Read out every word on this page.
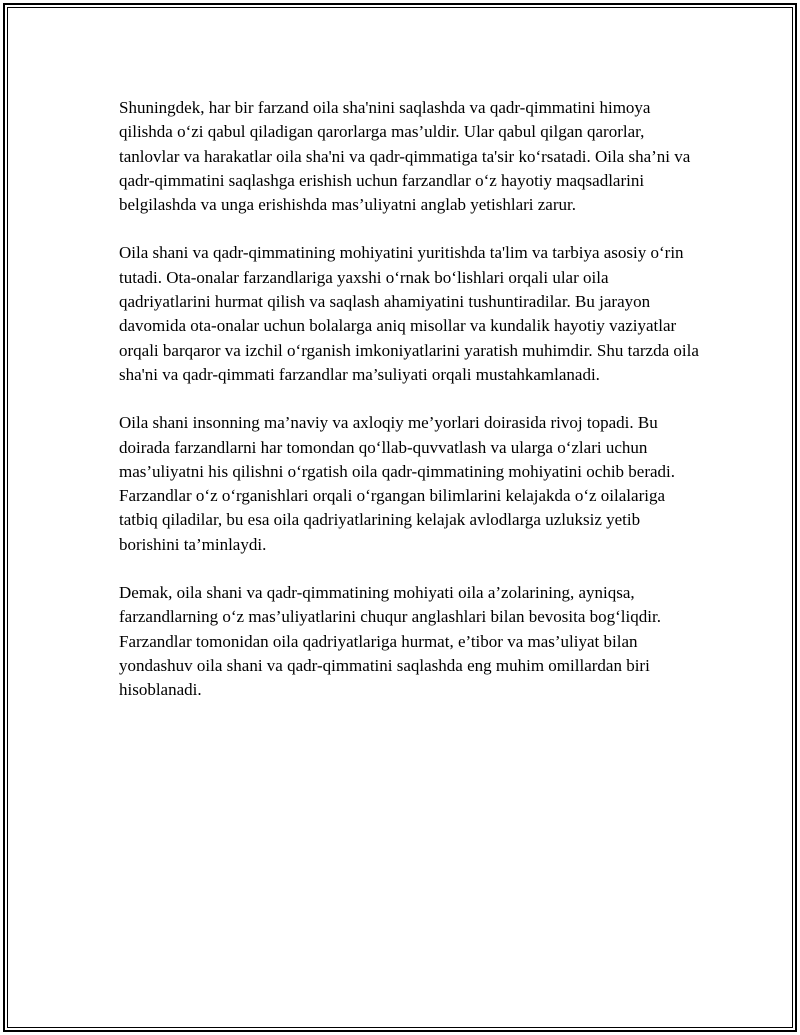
Shuningdek, har bir farzand oila sha'nini saqlashda va qadr-qimmatini himoya qilishda o‘zi qabul qiladigan qarorlarga mas’uldir. Ular qabul qilgan qarorlar, tanlovlar va harakatlar oila sha'ni va qadr-qimmatiga ta'sir ko‘rsatadi. Oila sha’ni va qadr-qimmatini saqlashga erishish uchun farzandlar o‘z hayotiy maqsadlarini belgilashda va unga erishishda mas’uliyatni anglab yetishlari zarur.

Oila shani va qadr-qimmatining mohiyatini yuritishda ta'lim va tarbiya asosiy o‘rin tutadi. Ota-onalar farzandlariga yaxshi o‘rnak bo‘lishlari orqali ular oila qadriyatlarini hurmat qilish va saqlash ahamiyatini tushuntiradilar. Bu jarayon davomida ota-onalar uchun bolalarga aniq misollar va kundalik hayotiy vaziyatlar orqali barqaror va izchil o‘rganish imkoniyatlarini yaratish muhimdir. Shu tarzda oila sha'ni va qadr-qimmati farzandlar ma’suliyati orqali mustahkamlanadi.

Oila shani insonning ma’naviy va axloqiy me’yorlari doirasida rivoj topadi. Bu doirada farzandlarni har tomondan qo‘llab-quvvatlash va ularga o‘zlari uchun mas’uliyatni his qilishni o‘rgatish oila qadr-qimmatining mohiyatini ochib beradi. Farzandlar o‘z o‘rganishlari orqali o‘rgangan bilimlarini kelajakda o‘z oilalariga tatbiq qiladilar, bu esa oila qadriyatlarining kelajak avlodlarga uzluksiz yetib borishini ta’minlaydi.

Demak, oila shani va qadr-qimmatining mohiyati oila a’zolarining, ayniqsa, farzandlarning o‘z mas’uliyatlarini chuqur anglashlari bilan bevosita bog‘liqdir. Farzandlar tomonidan oila qadriyatlariga hurmat, e’tibor va mas’uliyat bilan yondashuv oila shani va qadr-qimmatini saqlashda eng muhim omillardan biri hisoblanadi.
